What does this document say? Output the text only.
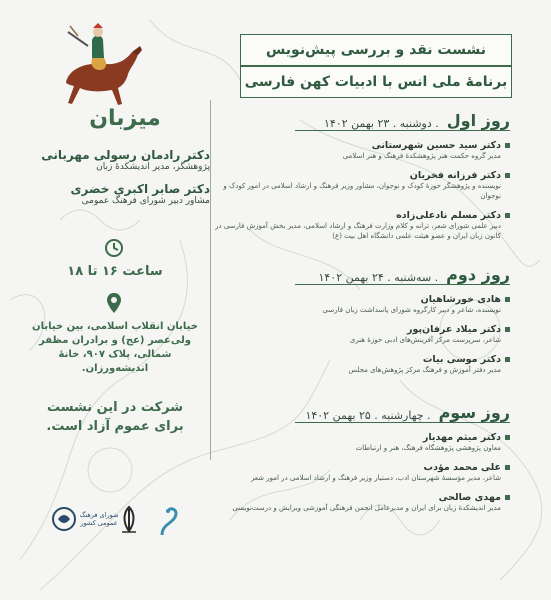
نشست نقد و بررسی پیش‌نویس
برنامهٔ ملی انس با ادبیات کهن فارسی
میزبان
دکتر رادمان رسولی مهربانی
پژوهشگر، مدیر اندیشکدهٔ زبان
دکتر صابر اکبری خضری
مشاور دبیر شورای فرهنگ عمومی
ساعت ۱۶ تا ۱۸
خیابان انقلاب اسلامی، بین خیابان ولی‌عصر (عج) و برادران مظفر شمالی، پلاک ۹۰۷، خانهٔ اندیشه‌ورزان.
شرکت در این نشست
برای عموم آزاد است.
روز اول
. دوشنبه . ۲۳ بهمن ۱۴۰۲
دکتر سید حسین شهرستانی
مدیر گروه حکمت هنر پژوهشکدهٔ فرهنگ و هنر اسلامی
دکتر فرزانه فخریان
نویسنده و پژوهشگر حوزهٔ کودک و نوجوان، مشاور وزیر فرهنگ و ارشاد اسلامی در امور کودک و نوجوان
دکتر مسلم نادعلی‌زاده
دبیر علمی شورای شعر، ترانه و کلام وزارت فرهنگ و ارشاد اسلامی، مدیر بخش آموزش فارسی در کانون زبان ایران و عضو هیئت علمی دانشگاه اهل بیت (ع)
روز دوم
. سه‌شنبه . ۲۴ بهمن ۱۴۰۲
هادی خورشاهیان
نویسنده، شاعر و دبیر کارگروه شورای پاسداشت زبان فارسی
دکتر میلاد عرفان‌پور
شاعر، سرپرست مرکز آفرینش‌های ادبی حوزهٔ هنری
دکتر موسی بیات
مدیر دفتر آموزش و فرهنگ مرکز پژوهش‌های مجلس
روز سوم
. چهارشنبه . ۲۵ بهمن ۱۴۰۲
دکتر میثم مهدیار
معاون پژوهشی پژوهشگاه فرهنگ، هنر و ارتباطات
علی محمد مؤدب
شاعر، مدیر مؤسسهٔ شهرستان ادب، دستیار وزیر فرهنگ و ارشاد اسلامی در امور شعر
مهدی صالحی
مدیر اندیشکدهٔ زبان برای ایران و مدیرعامل انجمن فرهنگی آموزشی ویرایش و درست‌نویسی
شورای فرهنگ عمومی کشور
